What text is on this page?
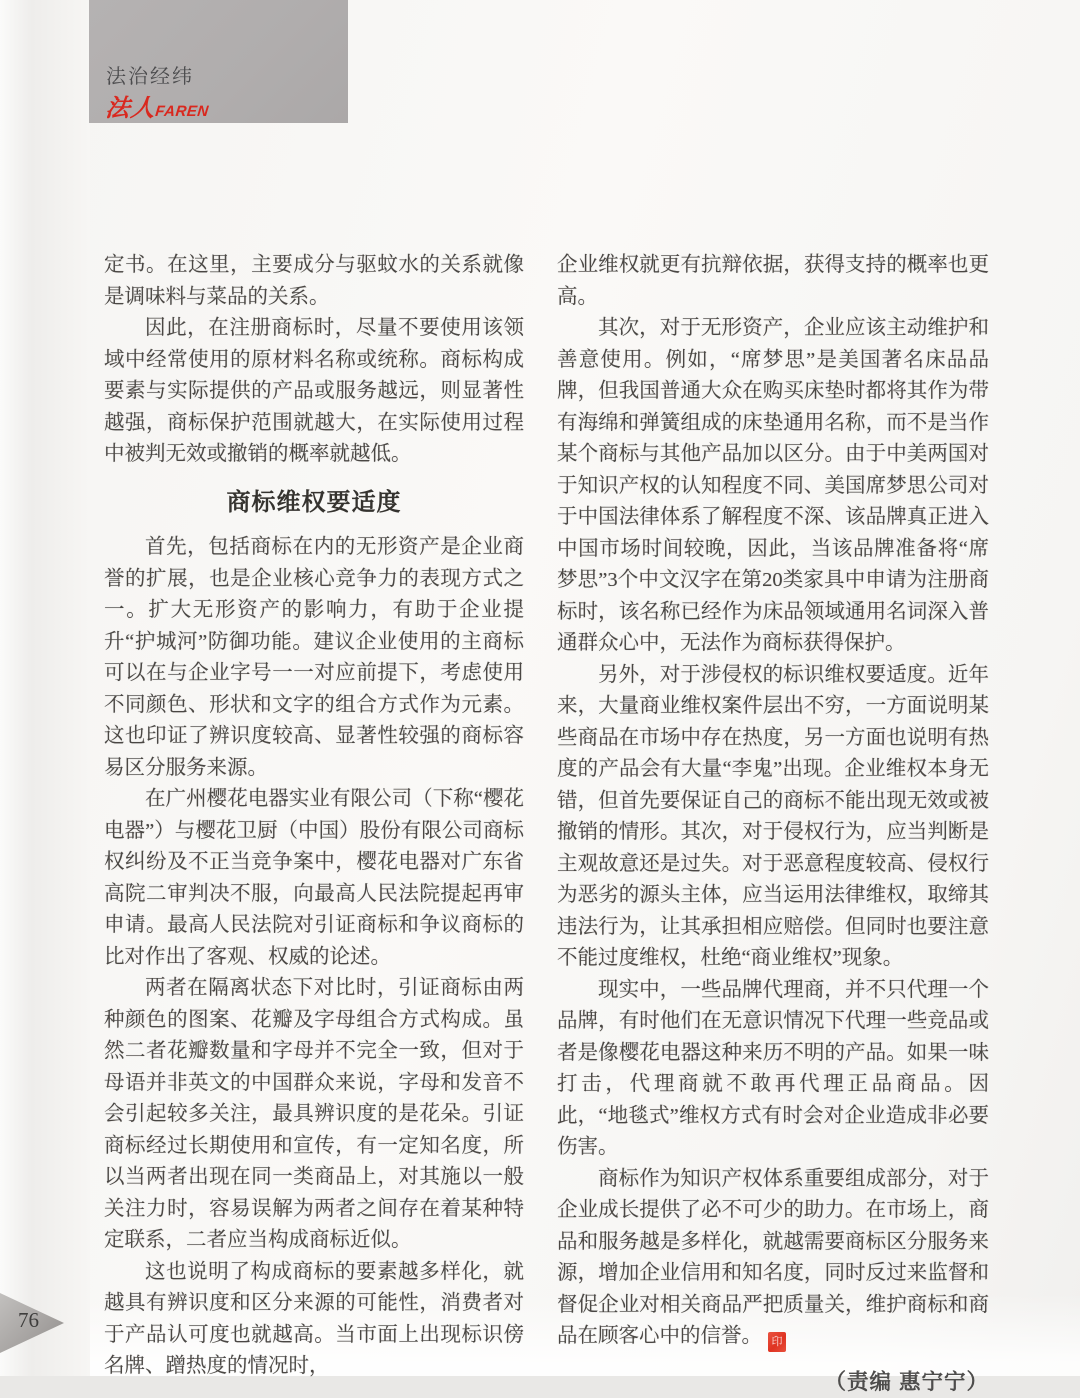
法治经纬
法人FAREN

定书。在这里，主要成分与驱蚊水的关系就像是调味料与菜品的关系。

因此，在注册商标时，尽量不要使用该领域中经常使用的原材料名称或统称。商标构成要素与实际提供的产品或服务越远，则显著性越强，商标保护范围就越大，在实际使用过程中被判无效或撤销的概率就越低。

商标维权要适度

首先，包括商标在内的无形资产是企业商誉的扩展，也是企业核心竞争力的表现方式之一。扩大无形资产的影响力，有助于企业提升“护城河”防御功能。建议企业使用的主商标可以在与企业字号一一对应前提下，考虑使用不同颜色、形状和文字的组合方式作为元素。这也印证了辨识度较高、显著性较强的商标容易区分服务来源。

在广州樱花电器实业有限公司（下称“樱花电器”）与樱花卫厨（中国）股份有限公司商标权纠纷及不正当竞争案中，樱花电器对广东省高院二审判决不服，向最高人民法院提起再审申请。最高人民法院对引证商标和争议商标的比对作出了客观、权威的论述。

两者在隔离状态下对比时，引证商标由两种颜色的图案、花瓣及字母组合方式构成。虽然二者花瓣数量和字母并不完全一致，但对于母语并非英文的中国群众来说，字母和发音不会引起较多关注，最具辨识度的是花朵。引证商标经过长期使用和宣传，有一定知名度，所以当两者出现在同一类商品上，对其施以一般关注力时，容易误解为两者之间存在着某种特定联系，二者应当构成商标近似。

这也说明了构成商标的要素越多样化，就越具有辨识度和区分来源的可能性，消费者对于产品认可度也就越高。当市面上出现标识傍名牌、蹭热度的情况时，

企业维权就更有抗辩依据，获得支持的概率也更高。

其次，对于无形资产，企业应该主动维护和善意使用。例如，“席梦思”是美国著名床品品牌，但我国普通大众在购买床垫时都将其作为带有海绵和弹簧组成的床垫通用名称，而不是当作某个商标与其他产品加以区分。由于中美两国对于知识产权的认知程度不同、美国席梦思公司对于中国法律体系了解程度不深、该品牌真正进入中国市场时间较晚，因此，当该品牌准备将“席梦思”3个中文汉字在第20类家具中申请为注册商标时，该名称已经作为床品领域通用名词深入普通群众心中，无法作为商标获得保护。

另外，对于涉侵权的标识维权要适度。近年来，大量商业维权案件层出不穷，一方面说明某些商品在市场中存在热度，另一方面也说明有热度的产品会有大量“李鬼”出现。企业维权本身无错，但首先要保证自己的商标不能出现无效或被撤销的情形。其次，对于侵权行为，应当判断是主观故意还是过失。对于恶意程度较高、侵权行为恶劣的源头主体，应当运用法律维权，取缔其违法行为，让其承担相应赔偿。但同时也要注意不能过度维权，杜绝“商业维权”现象。

现实中，一些品牌代理商，并不只代理一个品牌，有时他们在无意识情况下代理一些竞品或者是像樱花电器这种来历不明的产品。如果一味打击，代理商就不敢再代理正品商品。因此，“地毯式”维权方式有时会对企业造成非必要伤害。

商标作为知识产权体系重要组成部分，对于企业成长提供了必不可少的助力。在市场上，商品和服务越是多样化，就越需要商标区分服务来源，增加企业信用和知名度，同时反过来监督和督促企业对相关商品严把质量关，维护商标和商品在顾客心中的信誉。 印

（责编 惠宁宁）

76
